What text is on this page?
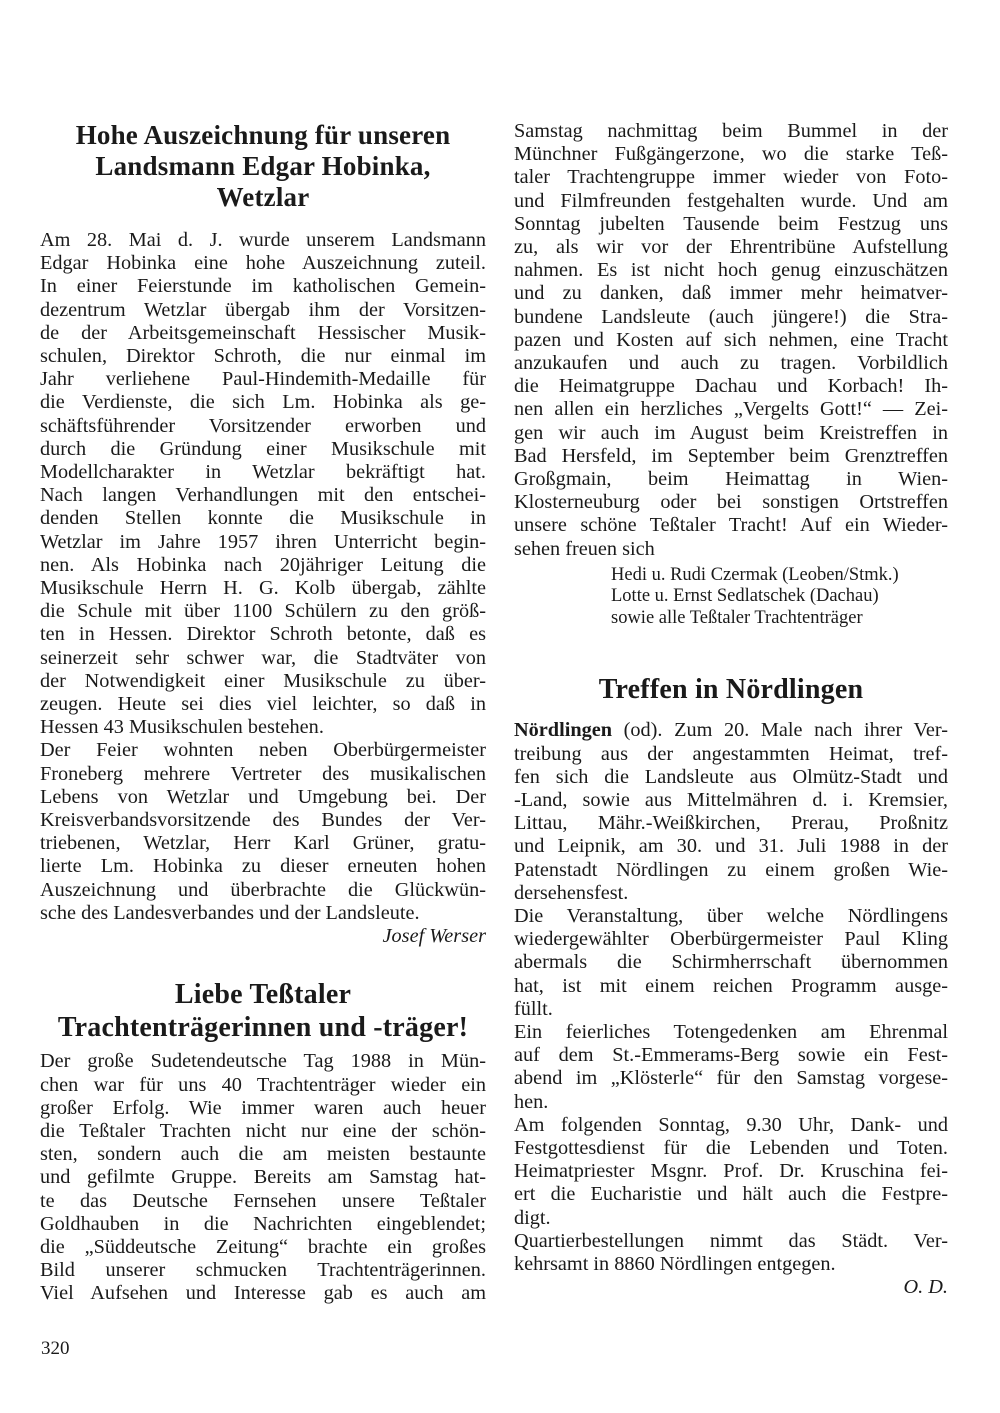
Hohe Auszeichnung für unseren
Landsmann Edgar Hobinka,
Wetzlar
Am 28. Mai d. J. wurde unserem Landsmann
Edgar Hobinka eine hohe Auszeichnung zuteil.
In einer Feierstunde im katholischen Gemein-
dezentrum Wetzlar übergab ihm der Vorsitzen-
de der Arbeitsgemeinschaft Hessischer Musik-
schulen, Direktor Schroth, die nur einmal im
Jahr verliehene Paul-Hindemith-Medaille für
die Verdienste, die sich Lm. Hobinka als ge-
schäftsführender Vorsitzender erworben und
durch die Gründung einer Musikschule mit
Modellcharakter in Wetzlar bekräftigt hat.
Nach langen Verhandlungen mit den entschei-
denden Stellen konnte die Musikschule in
Wetzlar im Jahre 1957 ihren Unterricht begin-
nen. Als Hobinka nach 20jähriger Leitung die
Musikschule Herrn H. G. Kolb übergab, zählte
die Schule mit über 1100 Schülern zu den größ-
ten in Hessen. Direktor Schroth betonte, daß es
seinerzeit sehr schwer war, die Stadtväter von
der Notwendigkeit einer Musikschule zu über-
zeugen. Heute sei dies viel leichter, so daß in
Hessen 43 Musikschulen bestehen.
Der Feier wohnten neben Oberbürgermeister
Froneberg mehrere Vertreter des musikalischen
Lebens von Wetzlar und Umgebung bei. Der
Kreisverbandsvorsitzende des Bundes der Ver-
triebenen, Wetzlar, Herr Karl Grüner, gratu-
lierte Lm. Hobinka zu dieser erneuten hohen
Auszeichnung und überbrachte die Glückwün-
sche des Landesverbandes und der Landsleute.
Josef Werser
Liebe Teßtaler
Trachtenträgerinnen und -träger!
Der große Sudetendeutsche Tag 1988 in Mün-
chen war für uns 40 Trachtenträger wieder ein
großer Erfolg. Wie immer waren auch heuer
die Teßtaler Trachten nicht nur eine der schön-
sten, sondern auch die am meisten bestaunte
und gefilmte Gruppe. Bereits am Samstag hat-
te das Deutsche Fernsehen unsere Teßtaler
Goldhauben in die Nachrichten eingeblendet;
die „Süddeutsche Zeitung“ brachte ein großes
Bild unserer schmucken Trachtenträgerinnen.
Viel Aufsehen und Interesse gab es auch am
Samstag nachmittag beim Bummel in der
Münchner Fußgängerzone, wo die starke Teß-
taler Trachtengruppe immer wieder von Foto-
und Filmfreunden festgehalten wurde. Und am
Sonntag jubelten Tausende beim Festzug uns
zu, als wir vor der Ehrentribüne Aufstellung
nahmen. Es ist nicht hoch genug einzuschätzen
und zu danken, daß immer mehr heimatver-
bundene Landsleute (auch jüngere!) die Stra-
pazen und Kosten auf sich nehmen, eine Tracht
anzukaufen und auch zu tragen. Vorbildlich
die Heimatgruppe Dachau und Korbach! Ih-
nen allen ein herzliches „Vergelts Gott!“ — Zei-
gen wir auch im August beim Kreistreffen in
Bad Hersfeld, im September beim Grenztreffen
Großgmain, beim Heimattag in Wien-
Klosterneuburg oder bei sonstigen Ortstreffen
unsere schöne Teßtaler Tracht! Auf ein Wieder-
sehen freuen sich
Hedi u. Rudi Czermak (Leoben/Stmk.)
Lotte u. Ernst Sedlatschek (Dachau)
sowie alle Teßtaler Trachtenträger
Treffen in Nördlingen
Nördlingen (od). Zum 20. Male nach ihrer Ver-
treibung aus der angestammten Heimat, tref-
fen sich die Landsleute aus Olmütz-Stadt und
-Land, sowie aus Mittelmähren d. i. Kremsier,
Littau, Mähr.-Weißkirchen, Prerau, Proßnitz
und Leipnik, am 30. und 31. Juli 1988 in der
Patenstadt Nördlingen zu einem großen Wie-
dersehensfest.
Die Veranstaltung, über welche Nördlingens
wiedergewählter Oberbürgermeister Paul Kling
abermals die Schirmherrschaft übernommen
hat, ist mit einem reichen Programm ausge-
füllt.
Ein feierliches Totengedenken am Ehrenmal
auf dem St.-Emmerams-Berg sowie ein Fest-
abend im „Klösterle“ für den Samstag vorgese-
hen.
Am folgenden Sonntag, 9.30 Uhr, Dank- und
Festgottesdienst für die Lebenden und Toten.
Heimatpriester Msgnr. Prof. Dr. Kruschina fei-
ert die Eucharistie und hält auch die Festpre-
digt.
Quartierbestellungen nimmt das Städt. Ver-
kehrsamt in 8860 Nördlingen entgegen.
O. D.
320
